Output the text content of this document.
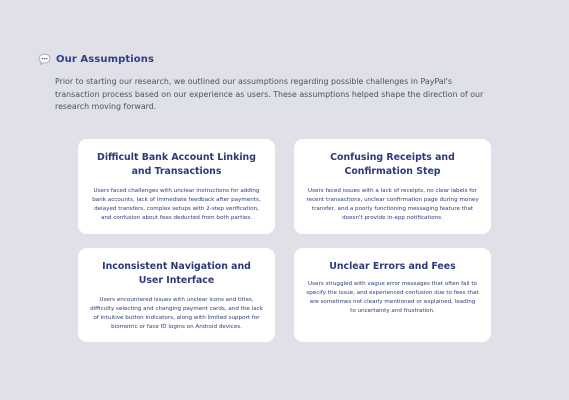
Our Assumptions

Prior to starting our research, we outlined our assumptions regarding possible challenges in PayPal's transaction process based on our experience as users. These assumptions helped shape the direction of our research moving forward.

Difficult Bank Account Linking and Transactions

Users faced challenges with unclear instructions for adding bank accounts, lack of immediate feedback after payments, delayed transfers, complex setups with 2-step verification, and confusion about fees deducted from both parties.

Confusing Receipts and Confirmation Step

Users faced issues with a lack of receipts, no clear labels for recent transactions, unclear confirmation page during money transfer, and a poorly functioning messaging feature that doesn't provide in-app notifications.

Inconsistent Navigation and User Interface

Users encountered issues with unclear icons and titles, difficulty selecting and changing payment cards, and the lack of intuitive button indicators, along with limited support for biometric or face ID logins on Android devices.

Unclear Errors and Fees

Users struggled with vague error messages that often fail to specify the issue, and experienced confusion due to fees that are sometimes not clearly mentioned or explained, leading to uncertainty and frustration.
